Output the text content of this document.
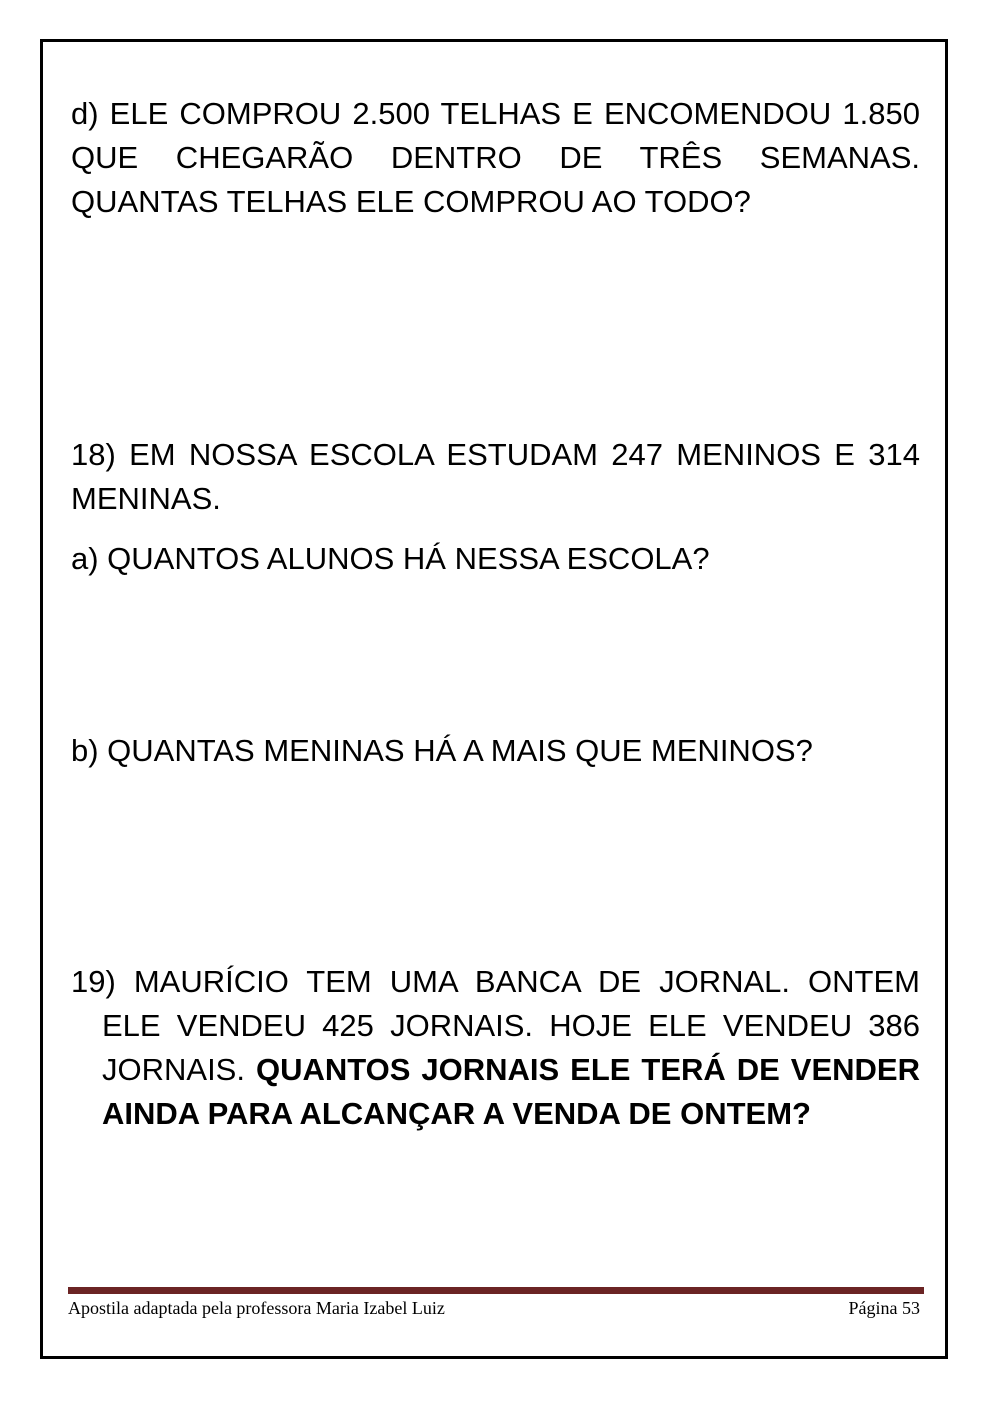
d) ELE COMPROU 2.500 TELHAS E ENCOMENDOU 1.850 QUE CHEGARÃO DENTRO DE TRÊS SEMANAS. QUANTAS TELHAS ELE COMPROU AO TODO?

18) EM NOSSA ESCOLA ESTUDAM 247 MENINOS E 314 MENINAS.

a) QUANTOS ALUNOS HÁ NESSA ESCOLA?

b) QUANTAS MENINAS HÁ A MAIS QUE MENINOS?

19) MAURÍCIO TEM UMA BANCA DE JORNAL. ONTEM ELE VENDEU 425 JORNAIS. HOJE ELE VENDEU 386 JORNAIS. QUANTOS JORNAIS ELE TERÁ DE VENDER AINDA PARA ALCANÇAR A VENDA DE ONTEM?

Apostila adaptada pela professora Maria Izabel Luiz	Página 53
